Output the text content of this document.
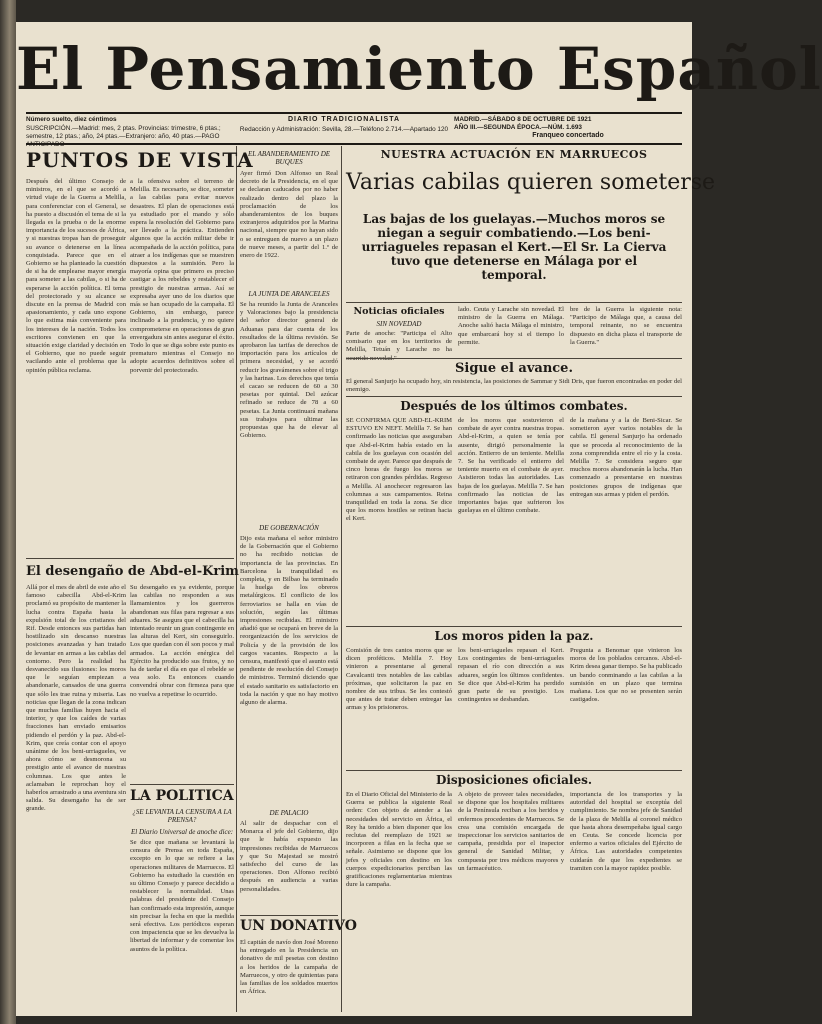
El Pensamiento Español
Número suelto, diez céntimos
SUSCRIPCIÓN.—Madrid: mes, 2 ptas. Provincias: trimestre, 6 ptas.; semestre, 12 ptas.; año, 24 ptas.—Extranjero: año, 40 ptas.—PAGO ANTICIPADO
DIARIO TRADICIONALISTA
Redacción y Administración: Sevilla, 28.—Teléfono 2.714.—Apartado 120
MADRID.—SÁBADO 8 DE OCTUBRE DE 1921
AÑO III.—SEGUNDA ÉPOCA.—NÚM. 1.693
Franqueo concertado
PUNTOS DE VISTA
Después del último Consejo de ministros, en el que se acordó a virtud viaje de la Guerra a Melilla, para conferenciar con el General, se ha puesto a discusión el tema de si la llegada es la prueba o de la enorme importancia de los sucesos de África, y si nuestras tropas han de proseguir su avance o detenerse en la línea conquistada. Parece que en el Gobierno se ha planteado la cuestión de si ha de emplearse mayor energía para someter a las cabilas, o si ha de esperarse la acción política. El tema del protectorado y su alcance se discute en la prensa de Madrid con apasionamiento, y cada uno expone lo que estima más conveniente para los intereses de la nación. Todos los escritores convienen en que la situación exige claridad y decisión en el Gobierno, que no puede seguir vacilando ante el problema que la opinión pública reclama.
a la ofensiva sobre el terreno de Melilla. Es necesario, se dice, someter a las cabilas para evitar nuevos desastres. El plan de operaciones está ya estudiado por el mando y sólo espera la resolución del Gobierno para ser llevado a la práctica. Entienden algunos que la acción militar debe ir acompañada de la acción política, para atraer a los indígenas que se muestren dispuestos a la sumisión. Pero la mayoría opina que primero es preciso castigar a los rebeldes y restablecer el prestigio de nuestras armas. Así se expresaba ayer uno de los diarios que más se han ocupado de la campaña. El Gobierno, sin embargo, parece inclinado a la prudencia, y no quiere comprometerse en operaciones de gran envergadura sin antes asegurar el éxito. Todo lo que se diga sobre este punto es prematuro mientras el Consejo no adopte acuerdos definitivos sobre el porvenir del protectorado.
El desengaño de Abd-el-Krim
Allá por el mes de abril de este año el famoso cabecilla Abd-el-Krim proclamó su propósito de mantener la lucha contra España hasta la expulsión total de los cristianos del Rif. Desde entonces sus partidas han hostilizado sin descanso nuestras posiciones avanzadas y han tratado de levantar en armas a las cabilas del contorno. Pero la realidad ha desvanecido sus ilusiones: los moros que le seguían empiezan a abandonarle, cansados de una guerra que sólo les trae ruina y miseria. Las noticias que llegan de la zona indican que muchas familias huyen hacia el interior, y que los caídes de varias fracciones han enviado emisarios pidiendo el perdón y la paz. Abd-el-Krim, que creía contar con el apoyo unánime de los beni-urriagueles, ve ahora cómo se desmorona su prestigio ante el avance de nuestras columnas. Los que antes le aclamaban le reprochan hoy el haberlos arrastrado a una aventura sin salida. Su desengaño ha de ser grande.
Su desengaño es ya evidente, porque las cabilas no responden a sus llamamientos y los guerreros abandonan sus filas para regresar a sus aduares. Se asegura que el cabecilla ha intentado reunir un gran contingente en las alturas del Kert, sin conseguirlo. Los que quedan con él son pocos y mal armados. La acción enérgica del Ejército ha producido sus frutos, y no ha de tardar el día en que el rebelde se vea solo. Es entonces cuando convendrá obrar con firmeza para que no vuelva a repetirse lo ocurrido.
LA POLITICA
¿SE LEVANTA LA CENSURA A LA PRENSA?
El Diario Universal de anoche dice:
Se dice que mañana se levantará la censura de Prensa en toda España, excepto en lo que se refiere a las operaciones militares de Marruecos. El Gobierno ha estudiado la cuestión en su último Consejo y parece decidido a restablecer la normalidad. Unas palabras del presidente del Consejo han confirmado esta impresión, aunque sin precisar la fecha en que la medida será efectiva. Los periódicos esperan con impaciencia que se les devuelva la libertad de informar y de comentar los asuntos de la política.
EL ABANDERAMIENTO DE BUQUES
Ayer firmó Don Alfonso un Real decreto de la Presidencia, en el que se declaran caducados por no haber realizado dentro del plazo la proclamación de los abanderamientos de los buques extranjeros adquiridos por la Marina nacional, siempre que no hayan sido o se entreguen de nuevo a un plazo de nueve meses, a partir del 1.º de enero de 1922.
LA JUNTA DE ARANCELES
Se ha reunido la Junta de Aranceles y Valoraciones bajo la presidencia del señor director general de Aduanas para dar cuenta de los resultados de la última revisión. Se aprobaron las tarifas de derechos de importación para los artículos de primera necesidad, y se acordó reducir los gravámenes sobre el trigo y las harinas. Los derechos que tenía el cacao se reducen de 60 a 30 pesetas por quintal. Del azúcar refinado se reduce de 78 a 60 pesetas. La Junta continuará mañana sus trabajos para ultimar las propuestas que ha de elevar al Gobierno.
DE GOBERNACIÓN
Dijo esta mañana el señor ministro de la Gobernación que el Gobierno no ha recibido noticias de importancia de las provincias. En Barcelona la tranquilidad es completa, y en Bilbao ha terminado la huelga de los obreros metalúrgicos. El conflicto de los ferroviarios se halla en vías de solución, según las últimas impresiones recibidas. El ministro añadió que se ocupará en breve de la reorganización de los servicios de Policía y de la provisión de los cargos vacantes. Respecto a la censura, manifestó que el asunto está pendiente de resolución del Consejo de ministros. Terminó diciendo que el estado sanitario es satisfactorio en toda la nación y que no hay motivo alguno de alarma.
DE PALACIO
Al salir de despachar con el Monarca el jefe del Gobierno, dijo que le había expuesto las impresiones recibidas de Marruecos y que Su Majestad se mostró satisfecho del curso de las operaciones. Don Alfonso recibió después en audiencia a varias personalidades.
UN DONATIVO
El capitán de navío don José Moreno ha entregado en la Presidencia un donativo de mil pesetas con destino a los heridos de la campaña de Marruecos, y otro de quinientas para las familias de los soldados muertos en África.
NUESTRA ACTUACIÓN EN MARRUECOS
Varias cabilas quieren someterse
Las bajas de los guelayas.—Muchos moros se niegan a seguir combatiendo.—Los beni-urriagueles repasan el Kert.—El Sr. La Cierva tuvo que detenerse en Málaga por el temporal.
Noticias oficiales
SIN NOVEDAD
Parte de anoche: "Participa el Alto comisario que en los territorios de Melilla, Tetuán y Larache no ha ocurrido novedad."
lado. Ceuta y Larache sin novedad. El ministro de la Guerra en Málaga. Anoche salió hacia Málaga el ministro, que embarcará hoy si el tiempo lo permite.
bre de la Guerra la siguiente nota: "Participo de Málaga que, a causa del temporal reinante, no se encuentra dispuesto en dicha plaza el transporte de la Guerra."
Sigue el avance.
El general Sanjurjo ha ocupado hoy, sin resistencia, las posiciones de Sammar y Sidi Dris, que fueron encontradas en poder del enemigo.
Después de los últimos combates.
SE CONFIRMA QUE ABD-EL-KRIM ESTUVO EN NEFT. Melilla 7. Se han confirmado las noticias que aseguraban que Abd-el-Krim había estado en la cabila de los guelayas con ocasión del combate de ayer. Parece que después de cinco horas de fuego los moros se retiraron con grandes pérdidas. Regreso a Melilla. Al anochecer regresaron las columnas a sus campamentos. Reina tranquilidad en toda la zona. Se dice que los moros hostiles se retiran hacia el Kert.
de los moros que sostuvieron el combate de ayer contra nuestras tropas. Abd-el-Krim, a quien se tenía por ausente, dirigió personalmente la acción. Entierro de un teniente. Melilla 7. Se ha verificado el entierro del teniente muerto en el combate de ayer. Asistieron todas las autoridades. Las bajas de los guelayas. Melilla 7. Se han confirmado las noticias de las importantes bajas que sufrieron los guelayas en el último combate.
de la mañana y a la de Beni-Sicar. Se sometieron ayer varios notables de la cabila. El general Sanjurjo ha ordenado que se proceda al reconocimiento de la zona comprendida entre el río y la costa. Melilla 7. Se considera seguro que muchos moros abandonarán la lucha. Han comenzado a presentarse en nuestras posiciones grupos de indígenas que entregan sus armas y piden el perdón.
Los moros piden la paz.
Comisión de tres cantos moros que se dicen proféticos. Melilla 7. Hoy vinieron a presentarse al general Cavalcanti tres notables de las cabilas próximas, que solicitaron la paz en nombre de sus tribus. Se les contestó que antes de tratar deben entregar las armas y los prisioneros.
los beni-urriagueles repasan el Kert. Los contingentes de beni-urriagueles repasan el río con dirección a sus aduares, según los últimos confidentes. Se dice que Abd-el-Krim ha perdido gran parte de su prestigio. Los contingentes se desbandan.
Pregunta a Benomar que vinieron los moros de los poblados cercanos. Abd-el-Krim desea ganar tiempo. Se ha publicado un bando conminando a las cabilas a la sumisión en un plazo que termina mañana. Los que no se presenten serán castigados.
Disposiciones oficiales.
En el Diario Oficial del Ministerio de la Guerra se publica la siguiente Real orden: Con objeto de atender a las necesidades del servicio en África, el Rey ha tenido a bien disponer que los reclutas del reemplazo de 1921 se incorporen a filas en la fecha que se señale. Asimismo se dispone que los jefes y oficiales con destino en los cuerpos expedicionarios perciban las gratificaciones reglamentarias mientras dure la campaña.
A objeto de proveer tales necesidades, se dispone que los hospitales militares de la Península reciban a los heridos y enfermos procedentes de Marruecos. Se crea una comisión encargada de inspeccionar los servicios sanitarios de campaña, presidida por el inspector general de Sanidad Militar, y compuesta por tres médicos mayores y un farmacéutico.
importancia de los transportes y la autoridad del hospital se exceptúa del cumplimiento. Se nombra jefe de Sanidad de la plaza de Melilla al coronel médico que hasta ahora desempeñaba igual cargo en Ceuta. Se concede licencia por enfermo a varios oficiales del Ejército de África. Las autoridades competentes cuidarán de que los expedientes se tramiten con la mayor rapidez posible.
